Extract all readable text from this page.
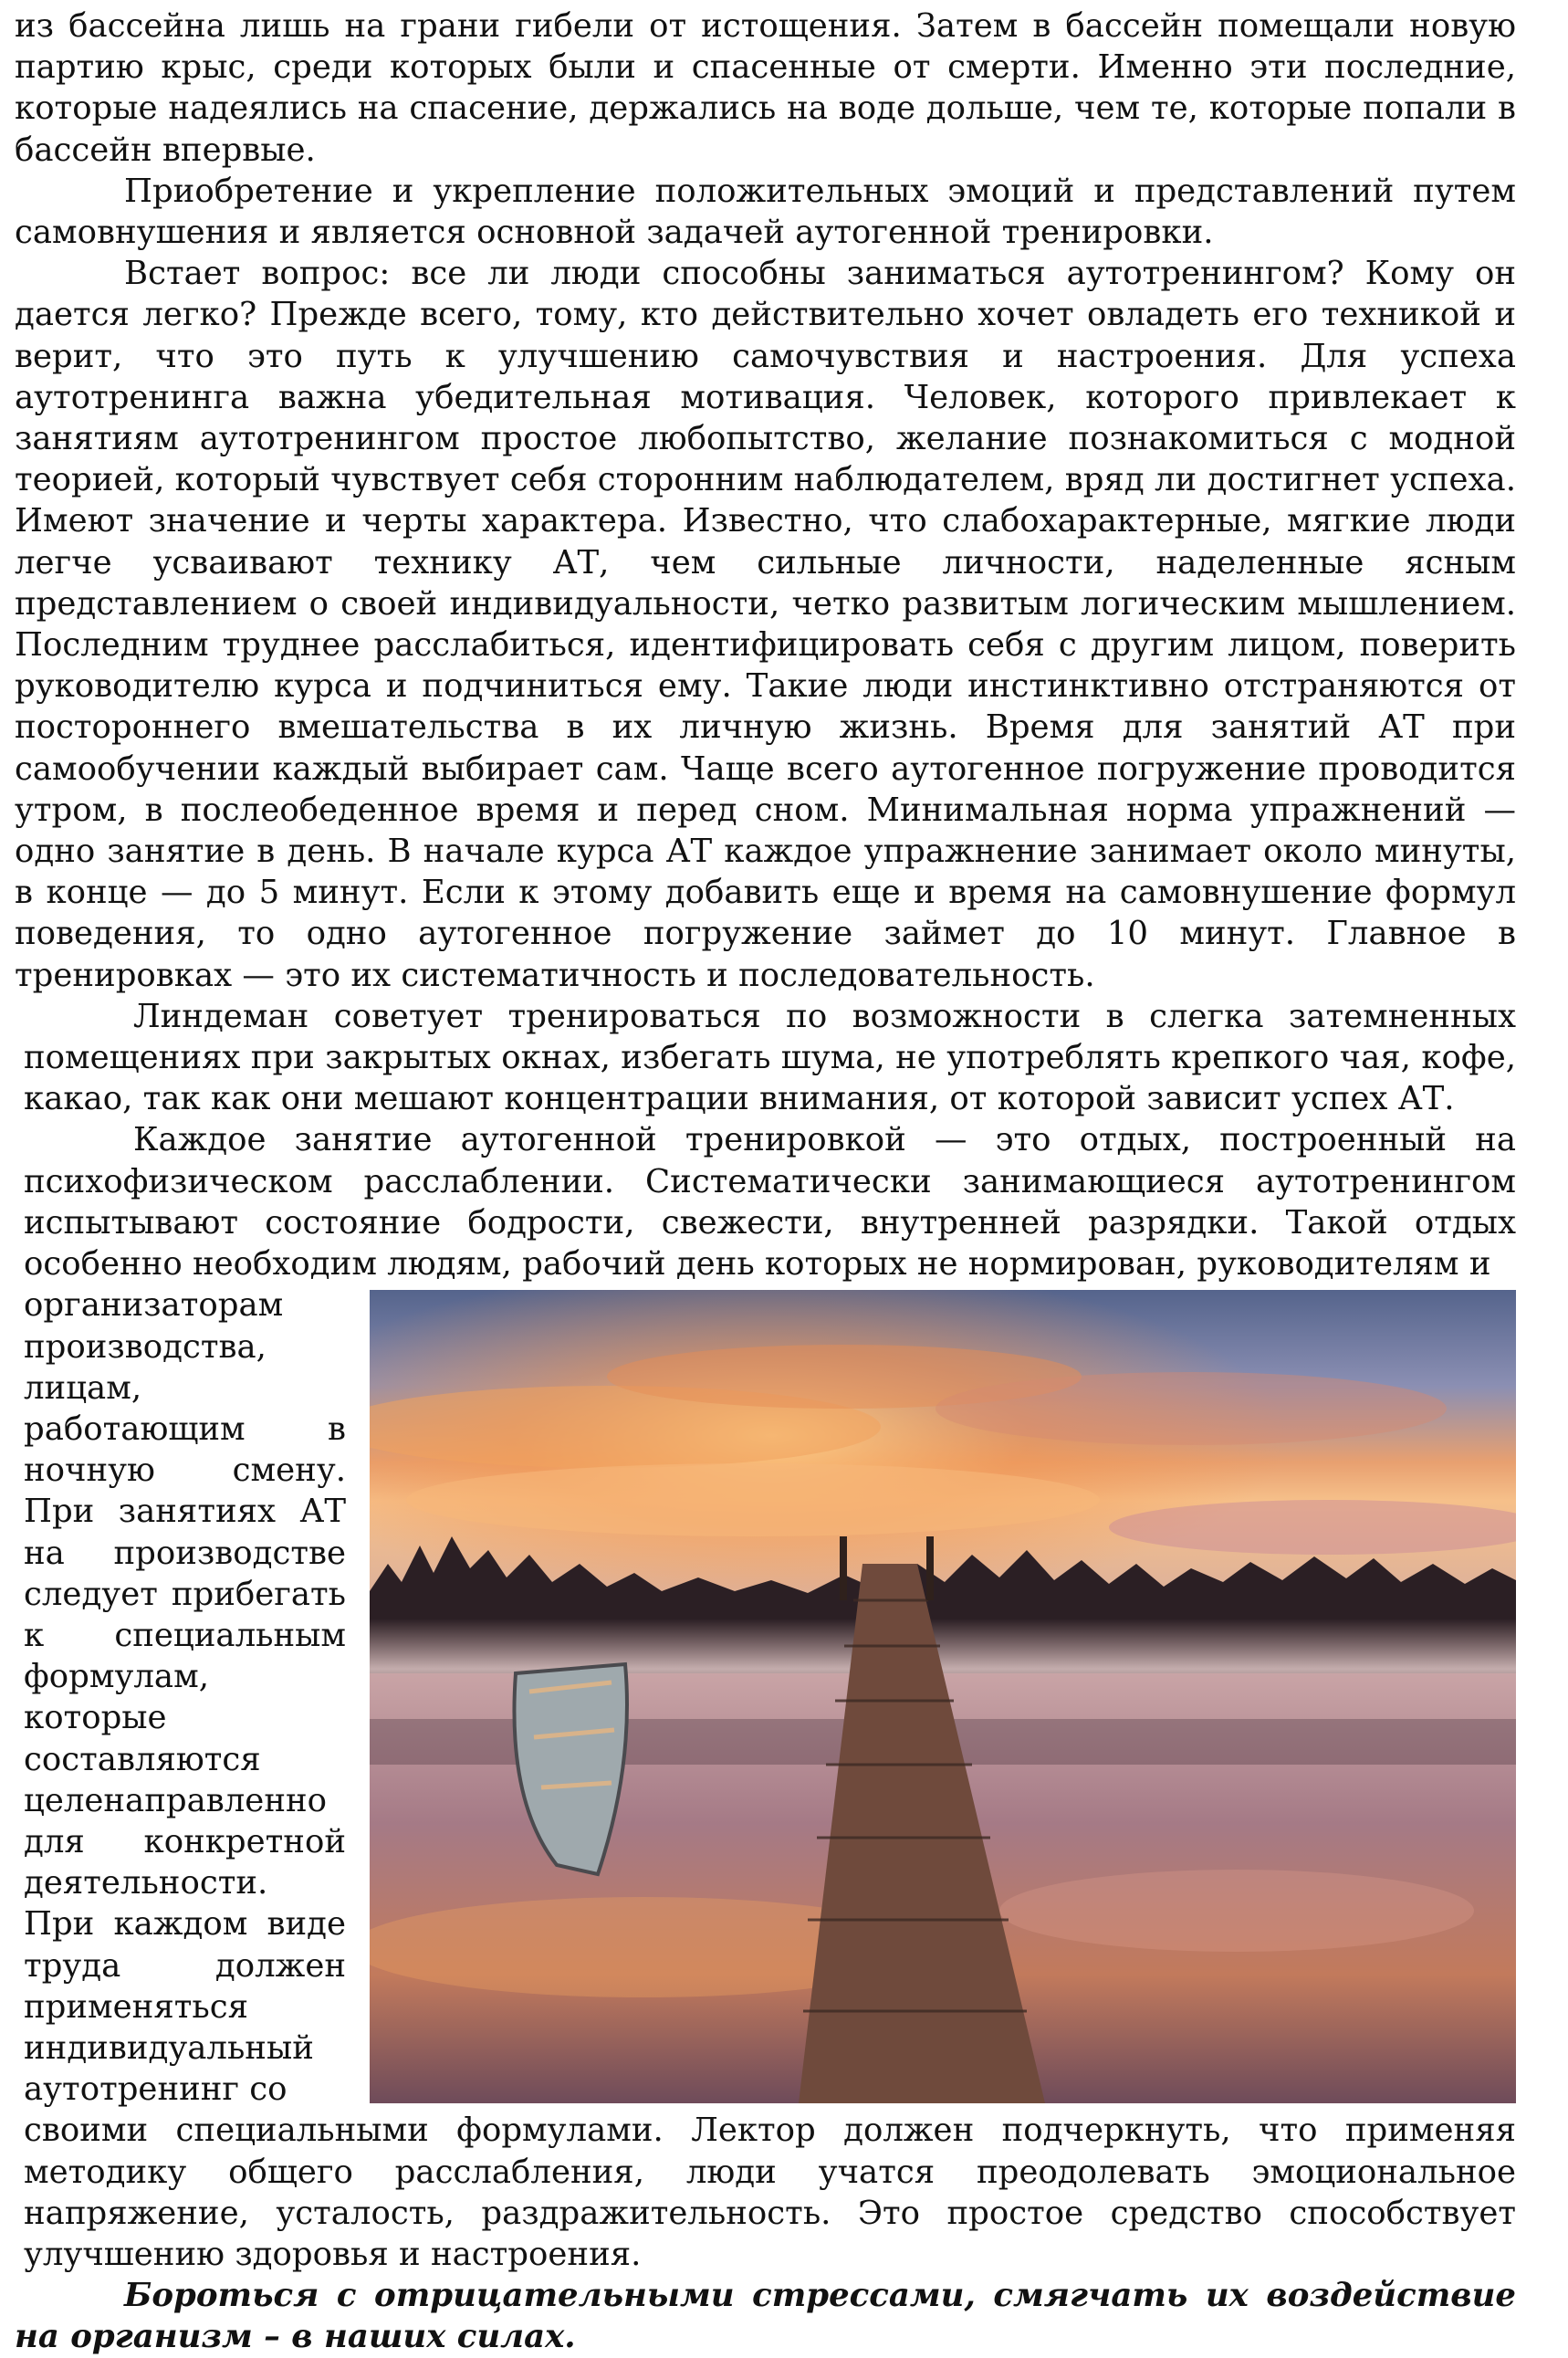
из бассейна лишь на грани гибели от истощения. Затем в бассейн помещали новую партию крыс, среди которых были и спасенные от смерти. Именно эти последние, которые надеялись на спасение, держались на воде дольше, чем те, которые попали в бассейн впервые.

Приобретение и укрепление положительных эмоций и представлений путем самовнушения и является основной задачей аутогенной тренировки.

Встает вопрос: все ли люди способны заниматься аутотренингом? Кому он дается легко? Прежде всего, тому, кто действительно хочет овладеть его техникой и верит, что это путь к улучшению самочувствия и настроения. Для успеха аутотренинга важна убедительная мотивация. Человек, которого привлекает к занятиям аутотренингом простое любопытство, желание познакомиться с модной теорией, который чувствует себя сторонним наблюдателем, вряд ли достигнет успеха. Имеют значение и черты характера. Известно, что слабохарактерные, мягкие люди легче усваивают технику АТ, чем сильные личности, наделенные ясным представлением о своей индивидуальности, четко развитым логическим мышлением. Последним труднее расслабиться, идентифицировать себя с другим лицом, поверить руководителю курса и подчиниться ему. Такие люди инстинктивно отстраняются от постороннего вмешательства в их личную жизнь. Время для занятий АТ при самообучении каждый выбирает сам. Чаще всего аутогенное погружение проводится утром, в послеобеденное время и перед сном. Минимальная норма упражнений — одно занятие в день. В начале курса АТ каждое упражнение занимает около минуты, в конце — до 5 минут. Если к этому добавить еще и время на самовнушение формул поведения, то одно аутогенное погружение займет до 10 минут. Главное в тренировках — это их систематичность и последовательность.

Линдеман советует тренироваться по возможности в слегка затемненных помещениях при закрытых окнах, избегать шума, не употреблять крепкого чая, кофе, какао, так как они мешают концентрации внимания, от которой зависит успех АТ.

Каждое занятие аутогенной тренировкой — это отдых, построенный на психофизическом расслаблении. Систематически занимающиеся аутотренингом испытывают состояние бодрости, свежести, внутренней разрядки. Такой отдых особенно необходим людям, рабочий день которых не нормирован, руководителям и

организаторам производства, лицам, работающим в ночную смену. При занятиях АТ на производстве следует прибегать к специальным формулам, которые составляются целенаправленно для конкретной деятельности. При каждом виде труда должен применяться индивидуальный аутотренинг со
своими специальными формулами. Лектор должен подчеркнуть, что применяя методику общего расслабления, люди учатся преодолевать эмоциональное напряжение, усталость, раздражительность. Это простое средство способствует улучшению здоровья и настроения.

Бороться с отрицательными стрессами, смягчать их воздействие на организм – в наших силах.
